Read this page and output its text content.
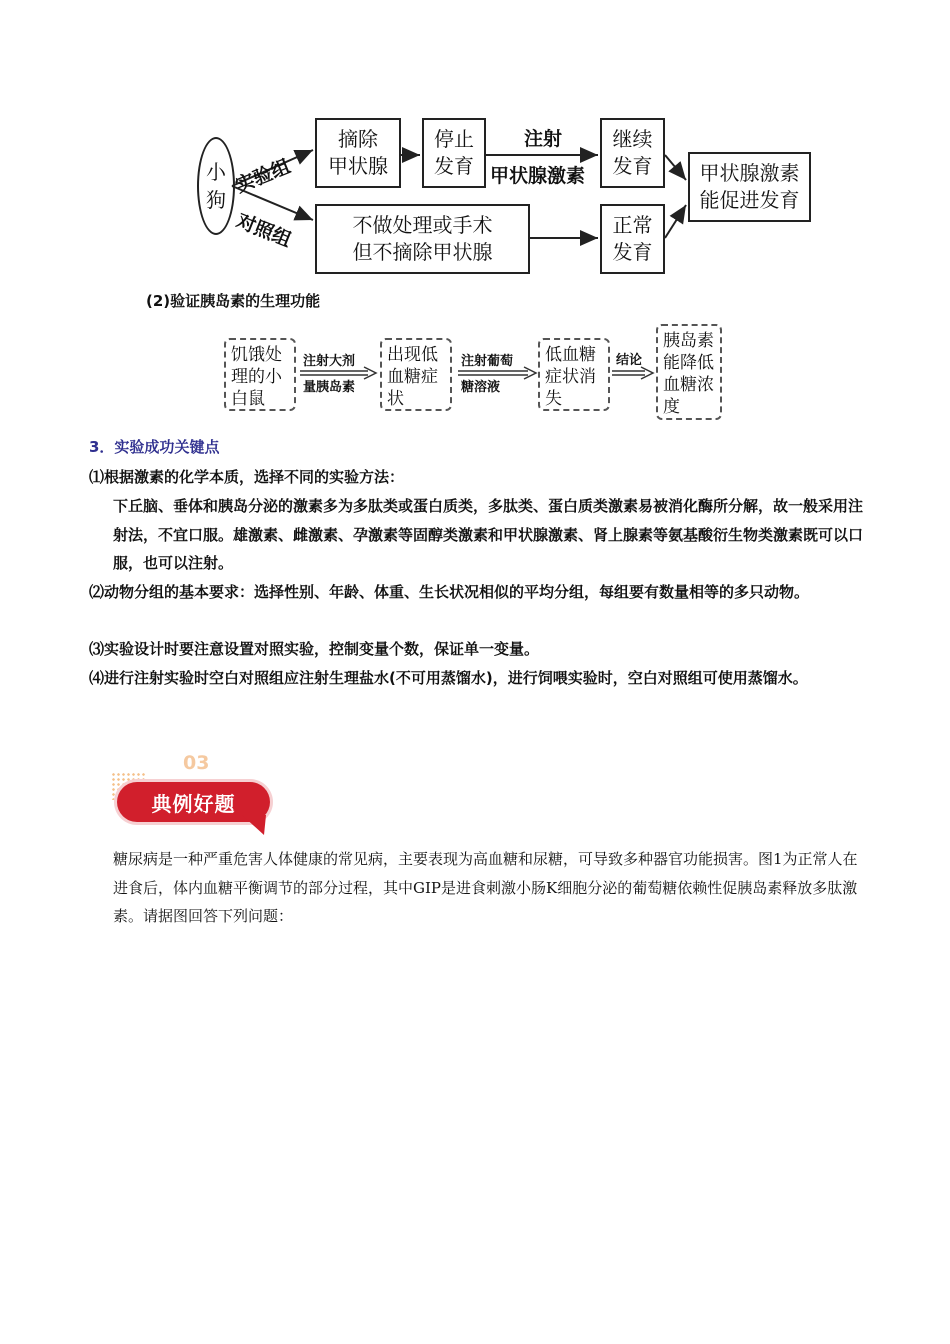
小
狗
实验组
对照组
摘除
甲状腺
停止
发育
注射
甲状腺激素
继续
发育	甲状腺激素
能促进发育
不做处理或手术
但不摘除甲状腺
正常
发育
(2)验证胰岛素的生理功能
饥饿处
理的小
白鼠
注射大剂
量胰岛素
出现低
血糖症
状
注射葡萄
糖溶液
低血糖
症状消
失
结论
胰岛素
能降低
血糖浓
度
3．实验成功关键点
⑴根据激素的化学本质，选择不同的实验方法：
下丘脑、垂体和胰岛分泌的激素多为多肽类或蛋白质类，多肽类、蛋白质类激素易被消化酶所分解，故一般采用注射法，不宜口服。雄激素、雌激素、孕激素等固醇类激素和甲状腺激素、肾上腺素等氨基酸衍生物类激素既可以口服，也可以注射。
⑵动物分组的基本要求：选择性别、年龄、体重、生长状况相似的平均分组，每组要有数量相等的多只动物。
⑶实验设计时要注意设置对照实验，控制变量个数，保证单一变量。
⑷进行注射实验时空白对照组应注射生理盐水(不可用蒸馏水)，进行饲喂实验时，空白对照组可使用蒸馏水。
03
典例好题
糖尿病是一种严重危害人体健康的常见病，主要表现为高血糖和尿糖，可导致多种器官功能损害。图1为正常人在进食后，体内血糖平衡调节的部分过程，其中GIP是进食刺激小肠K细胞分泌的葡萄糖依赖性促胰岛素释放多肽激素。请据图回答下列问题：
